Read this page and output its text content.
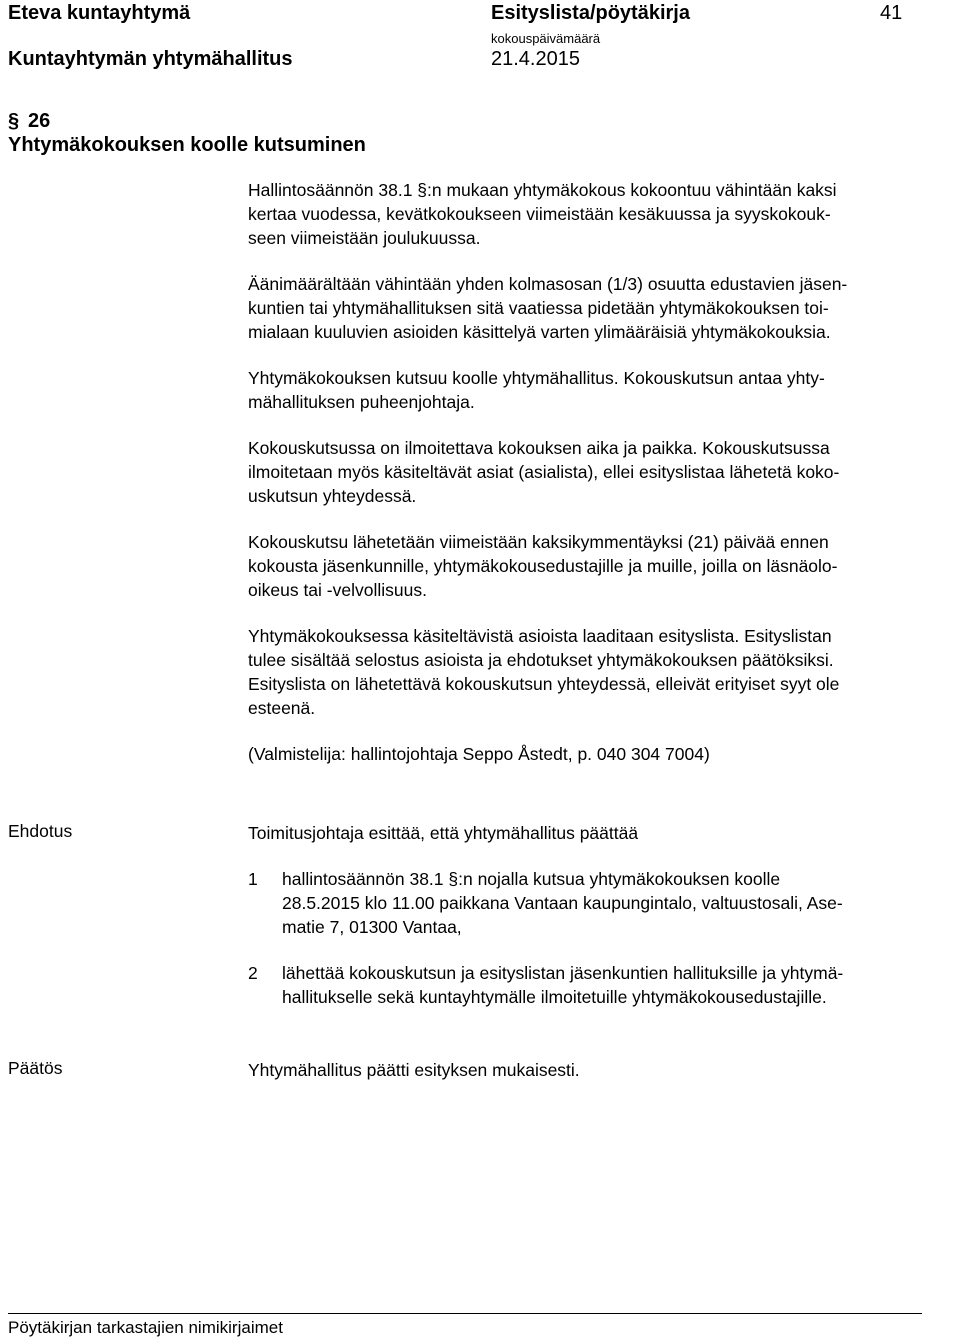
Eteva kuntayhtymä	Esityslista/pöytäkirja	41
kokouspäivämäärä
Kuntayhtymän yhtymähallitus	21.4.2015
§ 26
Yhtymäkokouksen koolle kutsuminen
Hallintosäännön 38.1 §:n mukaan yhtymäkokous kokoontuu vähintään kaksi
kertaa vuodessa, kevätkokoukseen viimeistään kesäkuussa ja syyskokouk-
seen viimeistään joulukuussa.
Äänimäärältään vähintään yhden kolmasosan (1/3) osuutta edustavien jäsen-
kuntien tai yhtymähallituksen sitä vaatiessa pidetään yhtymäkokouksen toi-
mialaan kuuluvien asioiden käsittelyä varten ylimääräisiä yhtymäkokouksia.
Yhtymäkokouksen kutsuu koolle yhtymähallitus. Kokouskutsun antaa yhty-
mähallituksen puheenjohtaja.
Kokouskutsussa on ilmoitettava kokouksen aika ja paikka. Kokouskutsussa
ilmoitetaan myös käsiteltävät asiat (asialista), ellei esityslistaa lähetetä koko-
uskutsun yhteydessä.
Kokouskutsu lähetetään viimeistään kaksikymmentäyksi (21) päivää ennen
kokousta jäsenkunnille, yhtymäkokousedustajille ja muille, joilla on läsnäolo-
oikeus tai -velvollisuus.
Yhtymäkokouksessa käsiteltävistä asioista laaditaan esityslista. Esityslistan
tulee sisältää selostus asioista ja ehdotukset yhtymäkokouksen päätöksiksi.
Esityslista on lähetettävä kokouskutsun yhteydessä, elleivät erityiset syyt ole
esteenä.
(Valmistelija: hallintojohtaja Seppo Åstedt, p. 040 304 7004)
Ehdotus	Toimitusjohtaja esittää, että yhtymähallitus päättää
1	hallintosäännön 38.1 §:n nojalla kutsua yhtymäkokouksen koolle
28.5.2015 klo 11.00 paikkana Vantaan kaupungintalo, valtuustosali, Ase-
matie 7, 01300 Vantaa,
2	lähettää kokouskutsun ja esityslistan jäsenkuntien hallituksille ja yhtymä-
hallitukselle sekä kuntayhtymälle ilmoitetuille yhtymäkokousedustajille.
Päätös	Yhtymähallitus päätti esityksen mukaisesti.
Pöytäkirjan tarkastajien nimikirjaimet
